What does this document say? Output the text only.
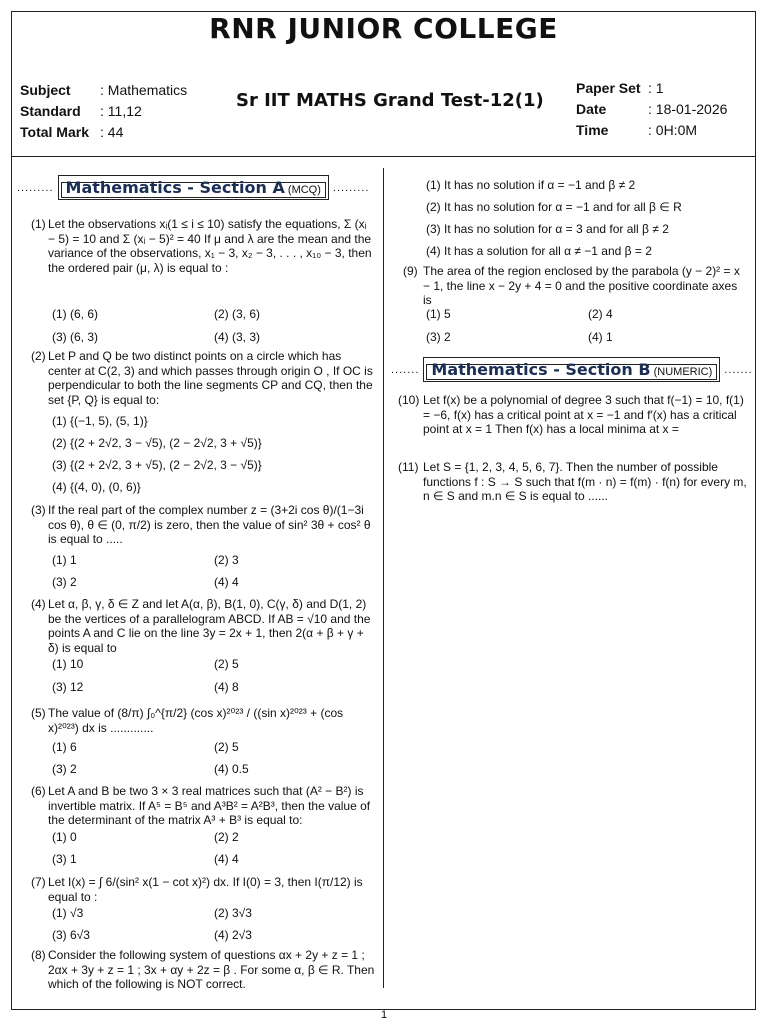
RNR JUNIOR COLLEGE
Subject : Mathematics
Standard : 11,12
Total Mark : 44
Sr IIT MATHS Grand Test-12(1)
Paper Set : 1
Date	: 18-01-2026
Time	: 0H:0M
......... Mathematics - Section A (MCQ)	.........
(1) Let the observations xᵢ(1 ≤ i ≤ 10) satisfy the equations, Σ (xᵢ − 5) = 10 and Σ (xᵢ − 5)² = 40 If μ and λ are the mean and the variance of the observations, x₁ − 3, x₂ − 3, . . . , x₁₀ − 3, then the ordered pair (μ, λ) is equal to :
(1) (6, 6)	(2) (3, 6)
(3) (6, 3)	(4) (3, 3)
(2) Let P and Q be two distinct points on a circle which has center at C(2, 3) and which passes through origin O , If OC is perpendicular to both the line segments CP and CQ, then the set {P, Q} is equal to:
(1) {(−1, 5), (5, 1)}
(2) {(2 + 2√2, 3 − √5), (2 − 2√2, 3 + √5)}
(3) {(2 + 2√2, 3 + √5), (2 − 2√2, 3 − √5)}
(4) {(4, 0), (0, 6)}
(3) If the real part of the complex number z = (3+2i cos θ)/(1−3i cos θ), θ ∈ (0, π/2) is zero, then the value of sin² 3θ + cos² θ is equal to .....
(1) 1	(2) 3
(3) 2	(4) 4
(4) Let α, β, γ, δ ∈ Z and let A(α, β), B(1, 0), C(γ, δ) and D(1, 2) be the vertices of a parallelogram ABCD. If AB = √10 and the points A and C lie on the line 3y = 2x + 1, then 2(α + β + γ + δ) is equal to
(1) 10	(2) 5
(3) 12	(4) 8
(5) The value of (8/π) ∫₀^{π/2} (cos x)²⁰²³ / ((sin x)²⁰²³ + (cos x)²⁰²³) dx is .............
(1) 6	(2) 5
(3) 2	(4) 0.5
(6) Let A and B be two 3 × 3 real matrices such that (A² − B²) is invertible matrix. If A⁵ = B⁵ and A³B² = A²B³, then the value of the determinant of the matrix A³ + B³ is equal to:
(1) 0	(2) 2
(3) 1	(4) 4
(7) Let I(x) = ∫ 6/(sin² x(1 − cot x)²) dx. If I(0) = 3, then I(π/12) is equal to :
(1) √3	(2) 3√3
(3) 6√3	(4) 2√3
(8) Consider the following system of questions αx + 2y + z = 1 ; 2αx + 3y + z = 1 ; 3x + αy + 2z = β . For some α, β ∈ R. Then which of the following is NOT correct.
(1) It has no solution if α = −1 and β ≠ 2
(2) It has no solution for α = −1 and for all β ∈ R
(3) It has no solution for α = 3 and for all β ≠ 2
(4) It has a solution for all α ≠ −1 and β = 2
(9) The area of the region enclosed by the parabola (y − 2)² = x − 1, the line x − 2y + 4 = 0 and the positive coordinate axes is
(1) 5	(2) 4
(3) 2	(4) 1
....... Mathematics - Section B (NUMERIC)	.......
(10) Let f(x) be a polynomial of degree 3 such that f(−1) = 10, f(1) = −6, f(x) has a critical point at x = −1 and f′(x) has a critical point at x = 1 Then f(x) has a local minima at x =
(11) Let S = {1, 2, 3, 4, 5, 6, 7}. Then the number of possible functions f : S → S such that f(m · n) = f(m) · f(n) for every m, n ∈ S and m.n ∈ S is equal to ......
1
